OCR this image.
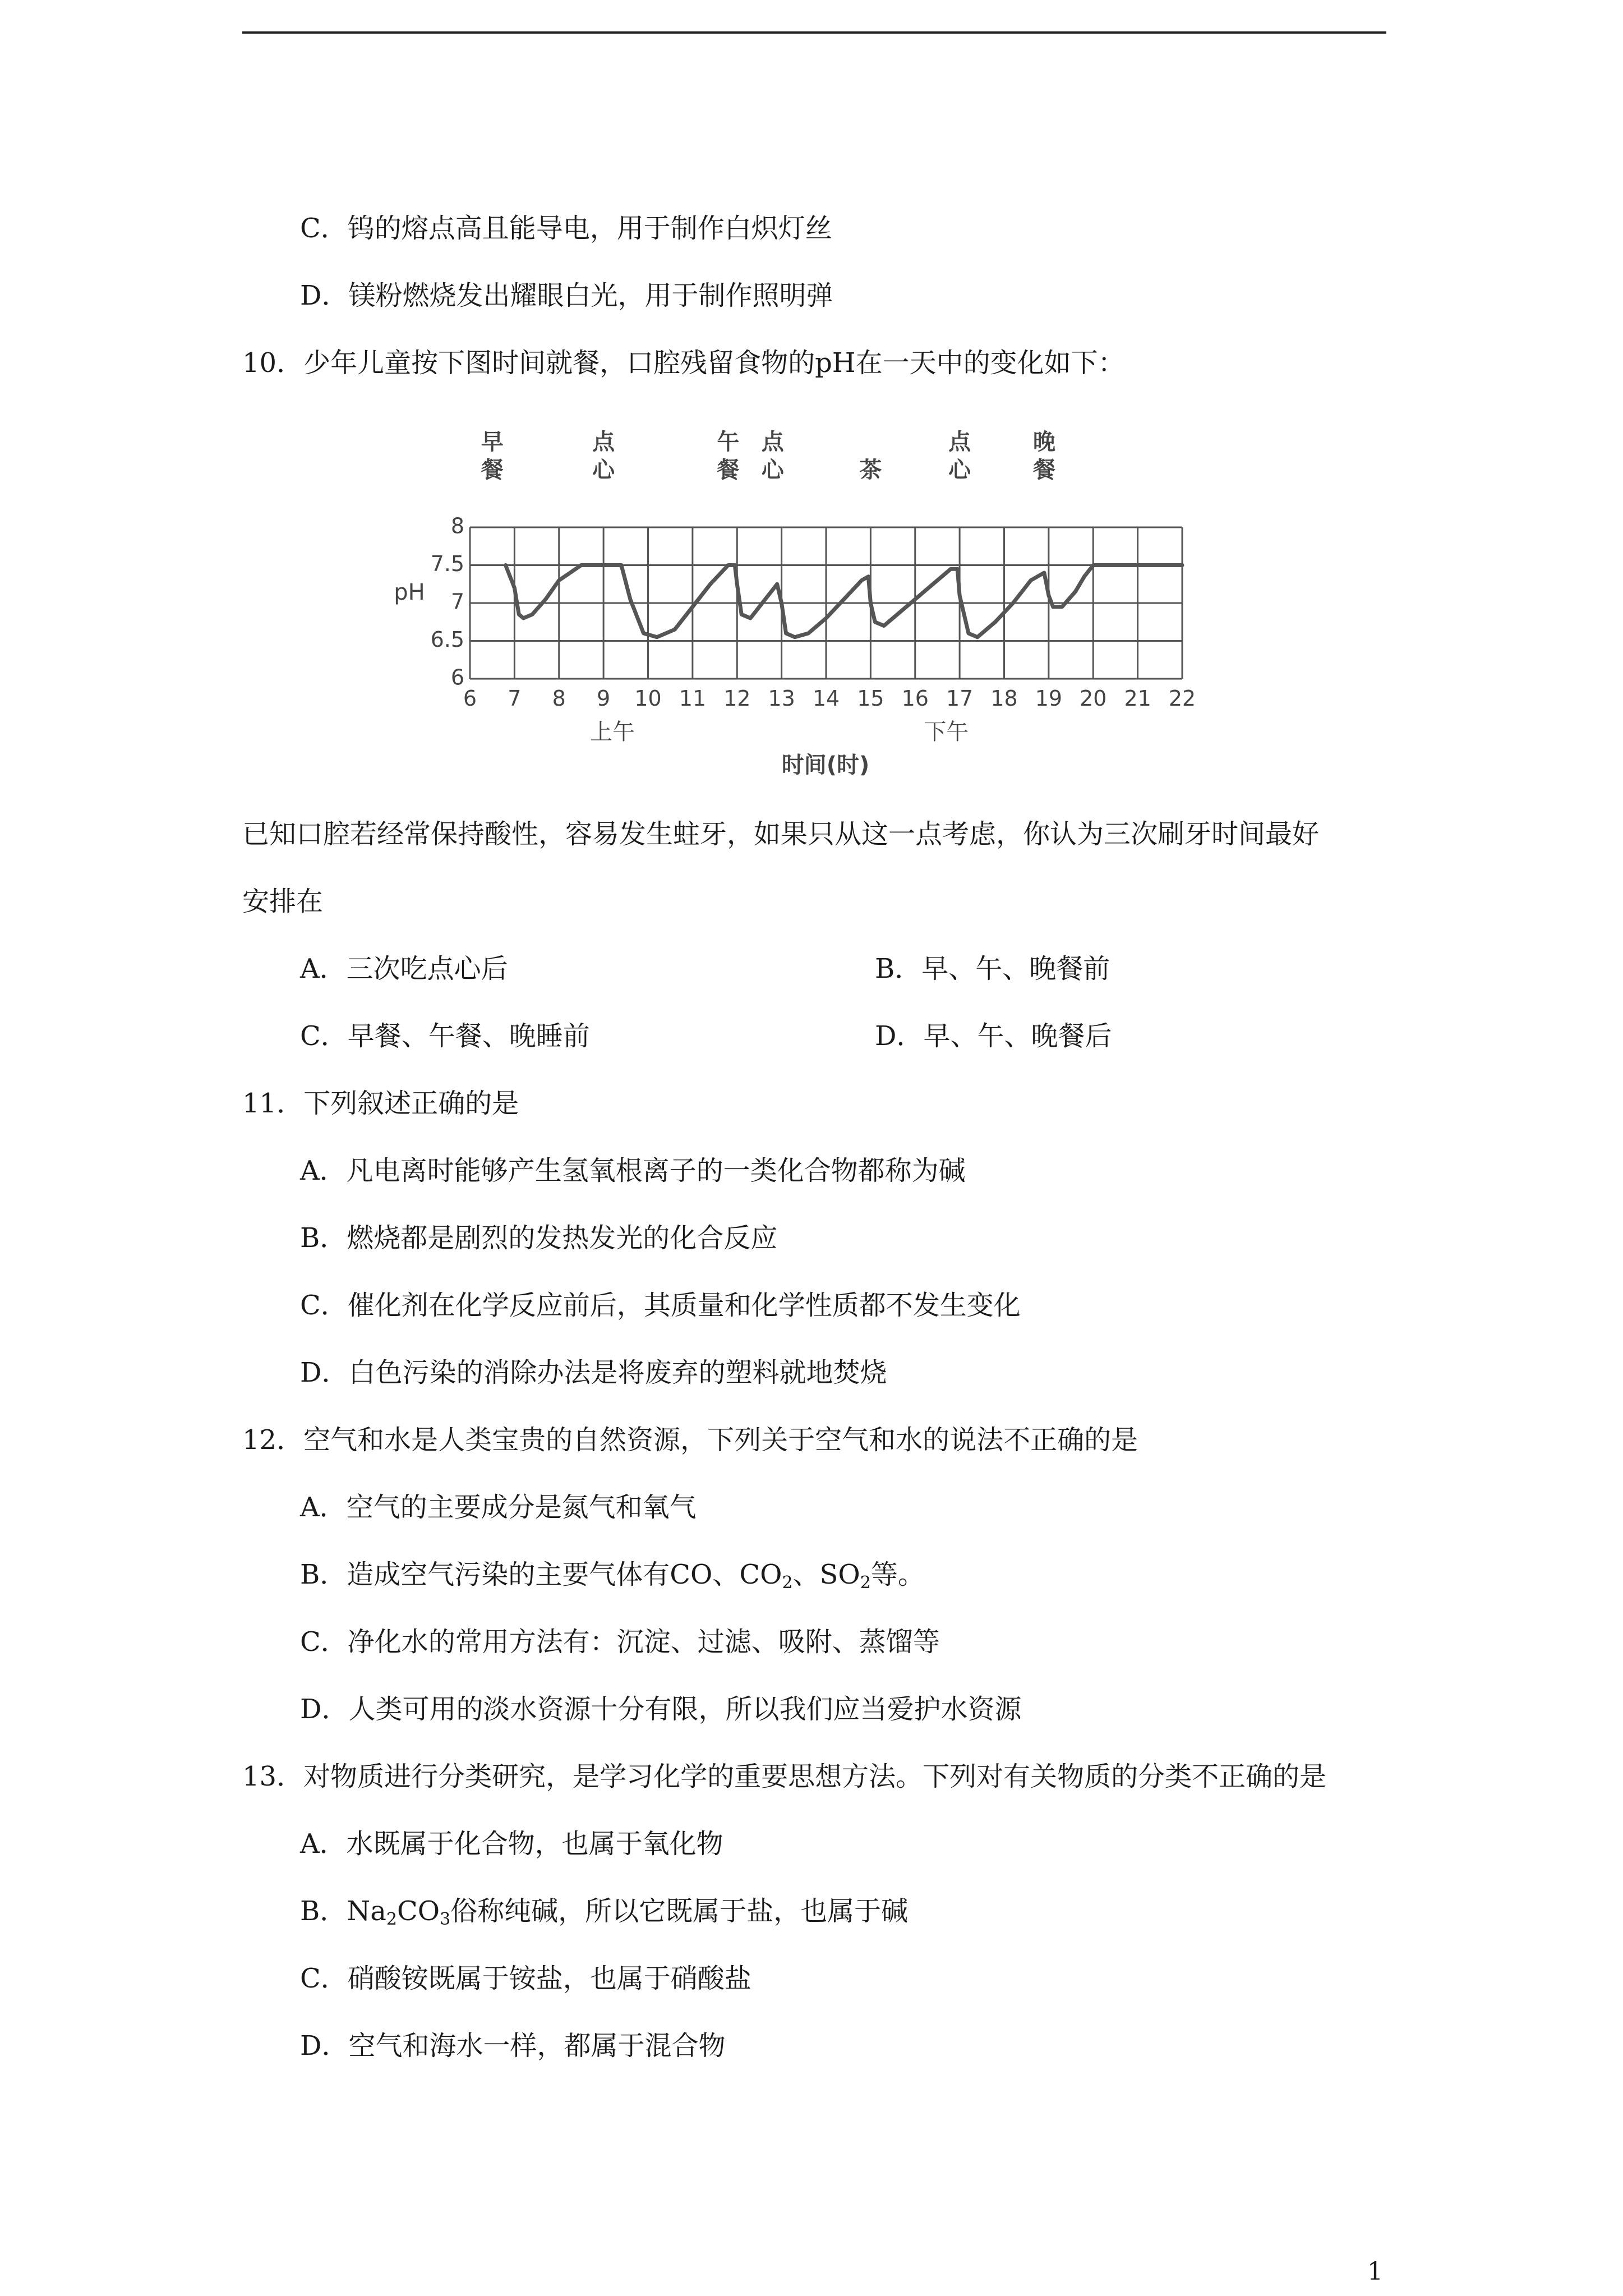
C．钨的熔点高且能导电，用于制作白炽灯丝
D．镁粉燃烧发出耀眼白光，用于制作照明弹
10．少年儿童按下图时间就餐，口腔残留食物的pH在一天中的变化如下：
6
6.5
7
7.5
8
6 7 8 9 10 11 12 13 14 15 16 17 18 19 20 21 22
早
餐
点
心
午
餐
点
心	茶
点
心
晚
餐
上午	下午
pH
时间(时)
已知口腔若经常保持酸性，容易发生蛀牙，如果只从这一点考虑，你认为三次刷牙时间最好
安排在
A．三次吃点心后	B．早、午、晚餐前
C．早餐、午餐、晚睡前	D．早、午、晚餐后
11．下列叙述正确的是
A．凡电离时能够产生氢氧根离子的一类化合物都称为碱
B．燃烧都是剧烈的发热发光的化合反应
C．催化剂在化学反应前后，其质量和化学性质都不发生变化
D．白色污染的消除办法是将废弃的塑料就地焚烧
12．空气和水是人类宝贵的自然资源，下列关于空气和水的说法不正确的是
A．空气的主要成分是氮气和氧气
B．造成空气污染的主要气体有CO、$CO_2$、$SO_2$等。
C．净化水的常用方法有：沉淀、过滤、吸附、蒸馏等
D．人类可用的淡水资源十分有限，所以我们应当爱护水资源
13．对物质进行分类研究，是学习化学的重要思想方法。下列对有关物质的分类不正确的是
A．水既属于化合物，也属于氧化物
B．$Na_2CO_3$俗称纯碱，所以它既属于盐，也属于碱
C．硝酸铵既属于铵盐，也属于硝酸盐
D．空气和海水一样，都属于混合物
1
